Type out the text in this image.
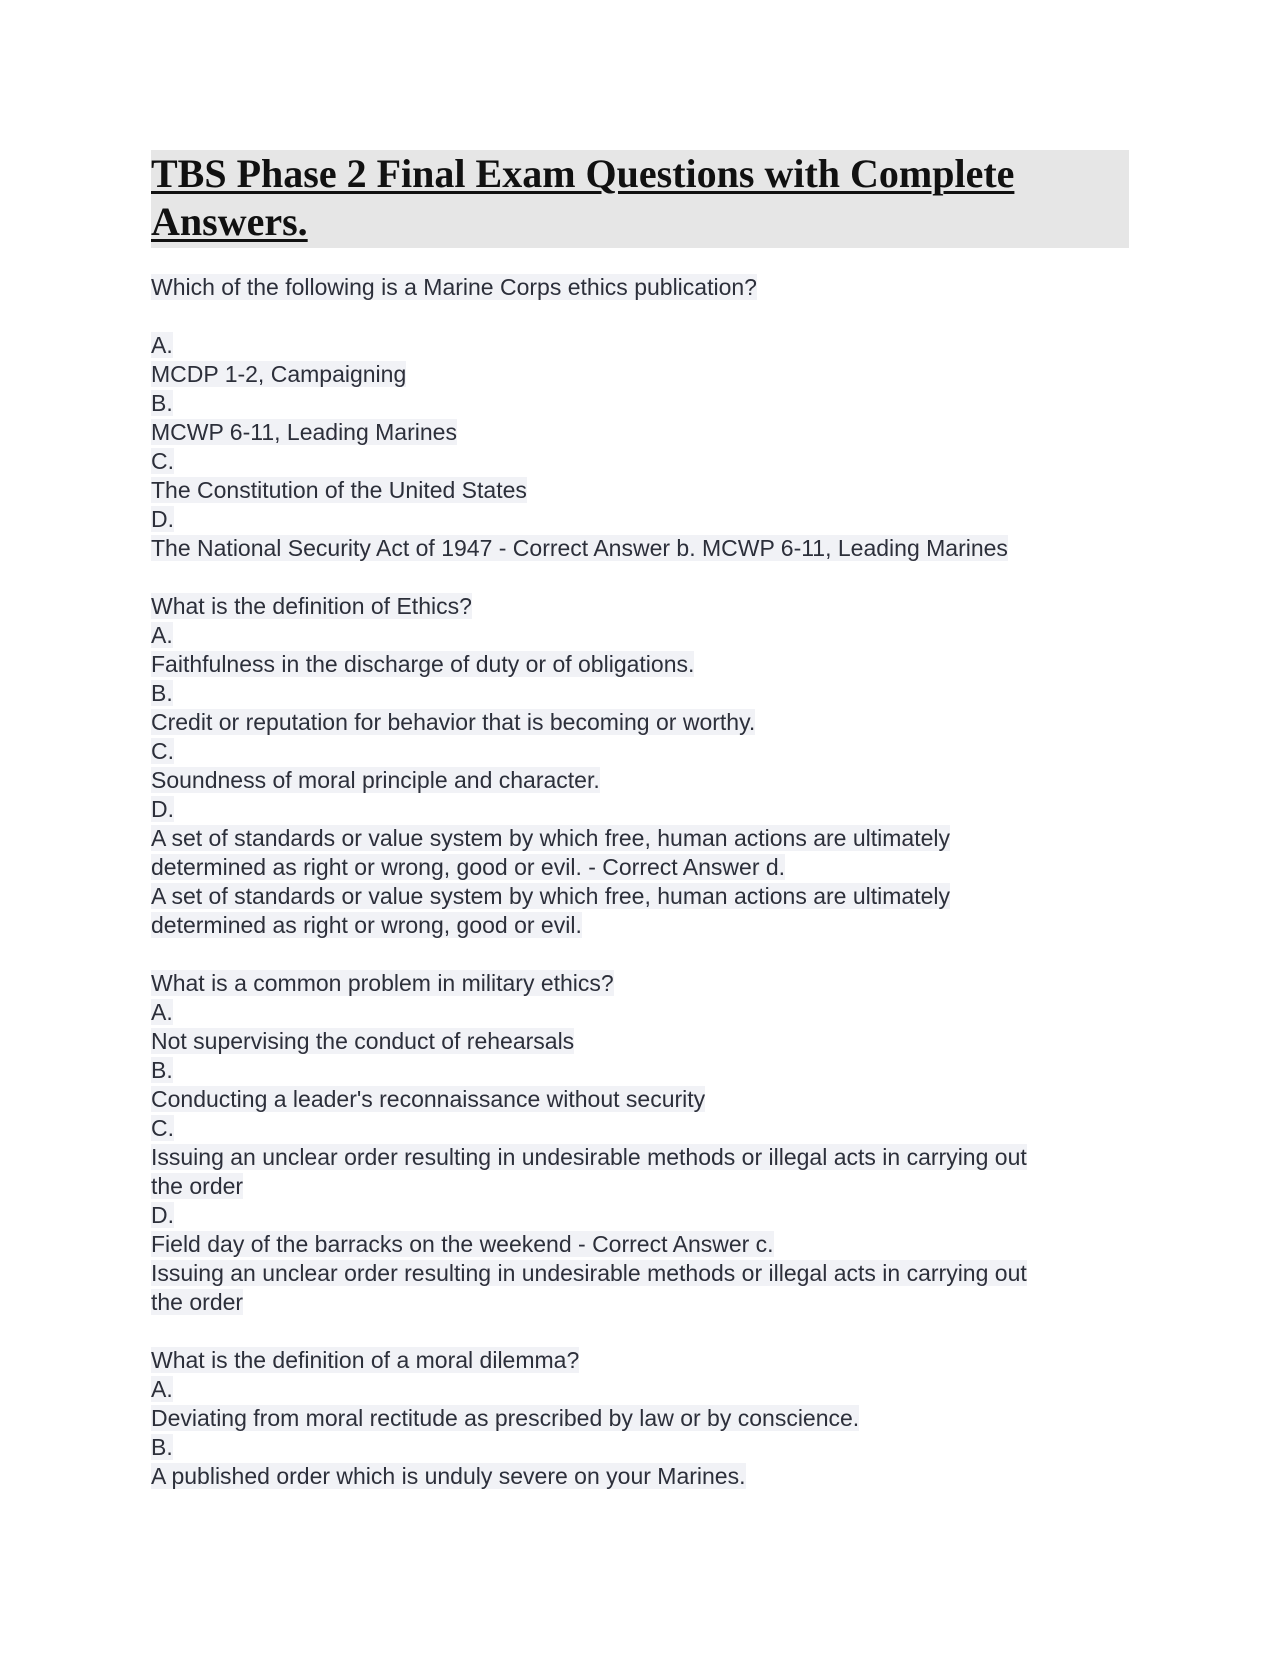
TBS Phase 2 Final Exam Questions with Complete Answers.
Which of the following is a Marine Corps ethics publication?
A.
MCDP 1-2, Campaigning
B.
MCWP 6-11, Leading Marines
C.
The Constitution of the United States
D.
The National Security Act of 1947 - Correct Answer b. MCWP 6-11, Leading Marines
What is the definition of Ethics?
A.
Faithfulness in the discharge of duty or of obligations.
B.
Credit or reputation for behavior that is becoming or worthy.
C.
Soundness of moral principle and character.
D.
A set of standards or value system by which free, human actions are ultimately
determined as right or wrong, good or evil. - Correct Answer d.
A set of standards or value system by which free, human actions are ultimately
determined as right or wrong, good or evil.
What is a common problem in military ethics?
A.
Not supervising the conduct of rehearsals
B.
Conducting a leader's reconnaissance without security
C.
Issuing an unclear order resulting in undesirable methods or illegal acts in carrying out
the order
D.
Field day of the barracks on the weekend - Correct Answer c.
Issuing an unclear order resulting in undesirable methods or illegal acts in carrying out
the order
What is the definition of a moral dilemma?
A.
Deviating from moral rectitude as prescribed by law or by conscience.
B.
A published order which is unduly severe on your Marines.
